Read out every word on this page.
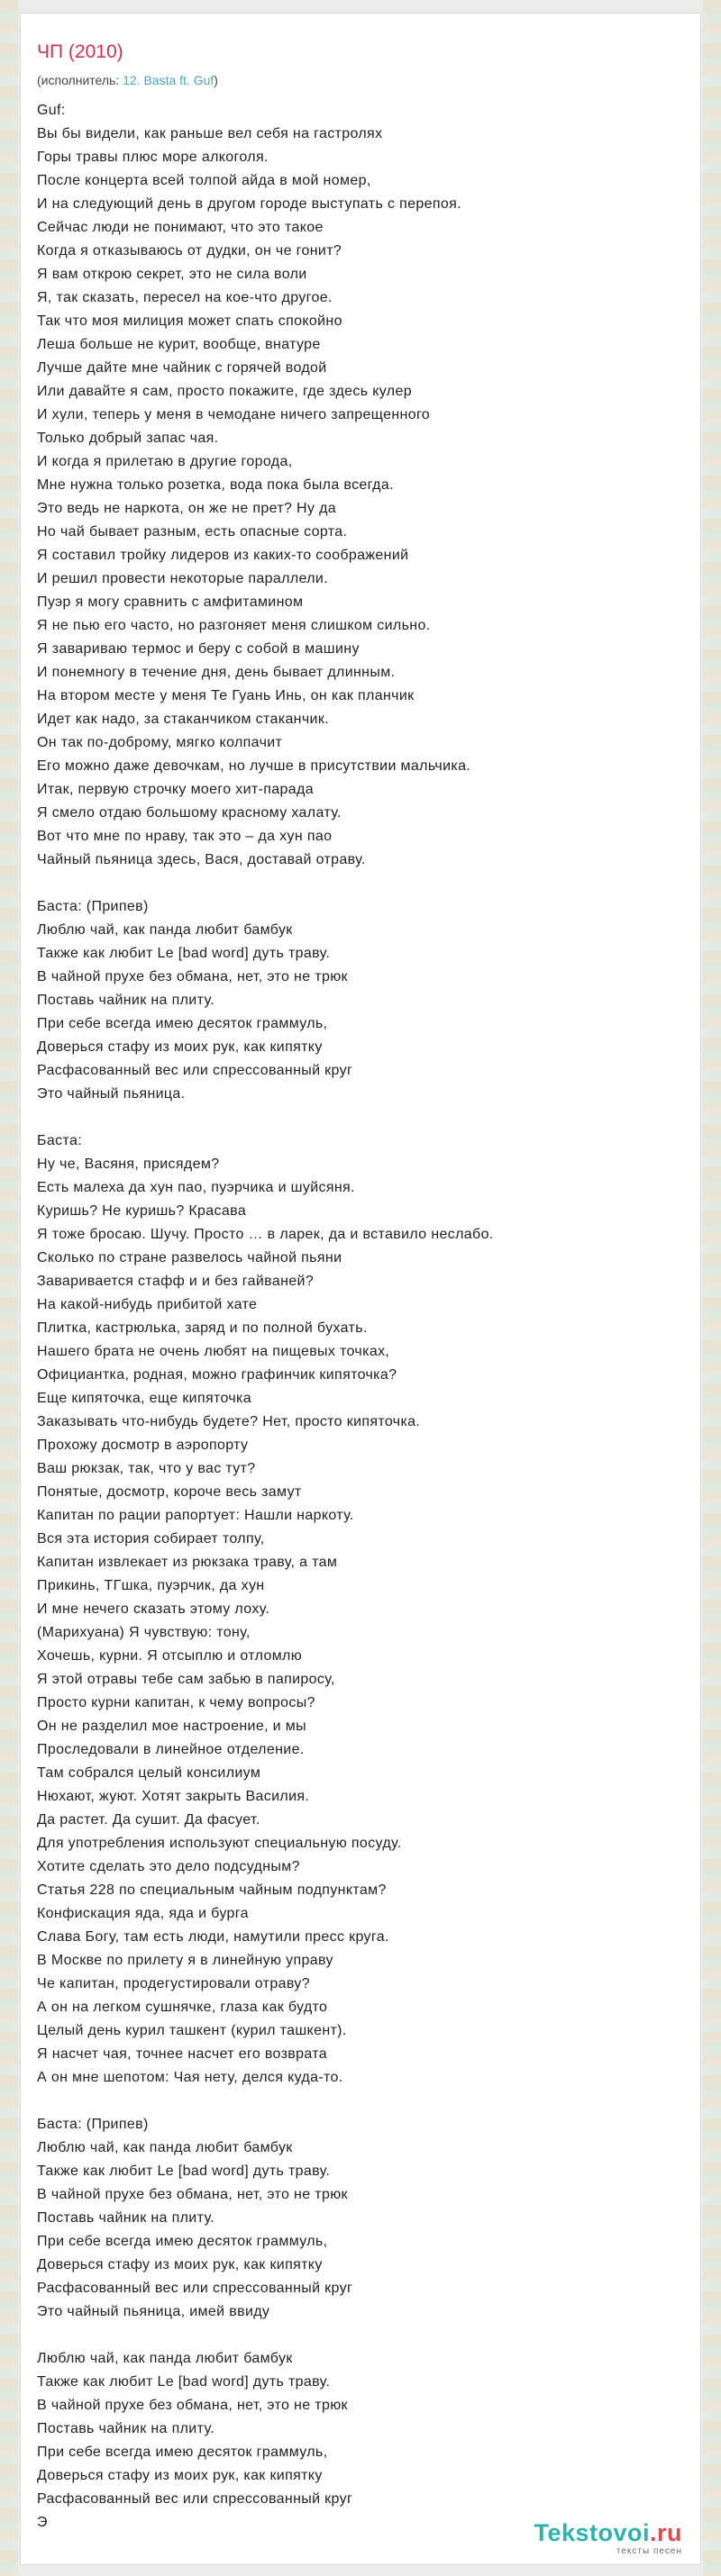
ЧП (2010)
(исполнитель: 12. Basta ft. Guf)
Guf:
Вы бы видели, как раньше вел себя на гастролях
Горы травы плюс море алкоголя.
После концерта всей толпой айда в мой номер,
И на следующий день в другом городе выступать с перепоя.
Сейчас люди не понимают, что это такое
Когда я отказываюсь от дудки, он че гонит?
Я вам открою секрет, это не сила воли
Я, так сказать, пересел на кое-что другое.
Так что моя милиция может спать спокойно
Леша больше не курит, вообще, внатуре
Лучше дайте мне чайник с горячей водой
Или давайте я сам, просто покажите, где здесь кулер
И хули, теперь у меня в чемодане ничего запрещенного
Только добрый запас чая.
И когда я прилетаю в другие города,
Мне нужна только розетка, вода пока была всегда.
Это ведь не наркота, он же не прет? Ну да
Но чай бывает разным, есть опасные сорта.
Я составил тройку лидеров из каких-то соображений
И решил провести некоторые параллели.
Пуэр я могу сравнить с амфитамином
Я не пью его часто, но разгоняет меня слишком сильно.
Я завариваю термос и беру с собой в машину
И понемногу в течение дня, день бывает длинным.
На втором месте у меня Те Гуань Инь, он как планчик
Идет как надо, за стаканчиком стаканчик.
Он так по-доброму, мягко колпачит
Его можно даже девочкам, но лучше в присутствии мальчика.
Итак, первую строчку моего хит-парада
Я смело отдаю большому красному халату.
Вот что мне по нраву, так это – да хун пао
Чайный пьяница здесь, Вася, доставай отраву.
Баста: (Припев)
Люблю чай, как панда любит бамбук
Также как любит Le [bad word] дуть траву.
В чайной прухе без обмана, нет, это не трюк
Поставь чайник на плиту.
При себе всегда имею десяток граммуль,
Доверься стафу из моих рук, как кипятку
Расфасованный вес или спрессованный круг
Это чайный пьяница.
Баста:
Ну че, Васяня, присядем?
Есть малеха да хун пао, пуэрчика и шуйсяня.
Куришь? Не куришь? Красава
Я тоже бросаю. Шучу. Просто … в ларек, да и вставило неслабо.
Сколько по стране развелось чайной пьяни
Заваривается стафф и и без гайваней?
На какой-нибудь прибитой хате
Плитка, кастрюлька, заряд и по полной бухать.
Нашего брата не очень любят на пищевых точках,
Официантка, родная, можно графинчик кипяточка?
Еще кипяточка, еще кипяточка
Заказывать что-нибудь будете? Нет, просто кипяточка.
Прохожу досмотр в аэропорту
Ваш рюкзак, так, что у вас тут?
Понятые, досмотр, короче весь замут
Капитан по рации рапортует: Нашли наркоту.
Вся эта история собирает толпу,
Капитан извлекает из рюкзака траву, а там
Прикинь, ТГшка, пуэрчик, да хун
И мне нечего сказать этому лоху.
(Марихуана) Я чувствую: тону,
Хочешь, курни. Я отсыплю и отломлю
Я этой отравы тебе сам забью в папиросу,
Просто курни капитан, к чему вопросы?
Он не разделил мое настроение, и мы
Проследовали в линейное отделение.
Там собрался целый консилиум
Нюхают, жуют. Хотят закрыть Василия.
Да растет. Да сушит. Да фасует.
Для употребления используют специальную посуду.
Хотите сделать это дело подсудным?
Статья 228 по специальным чайным подпунктам?
Конфискация яда, яда и бурга
Слава Богу, там есть люди, намутили пресс круга.
В Москве по прилету я в линейную управу
Че капитан, продегустировали отраву?
А он на легком сушнячке, глаза как будто
Целый день курил ташкент (курил ташкент).
Я насчет чая, точнее насчет его возврата
А он мне шепотом: Чая нету, делся куда-то.
Баста: (Припев)
Люблю чай, как панда любит бамбук
Также как любит Le [bad word] дуть траву.
В чайной прухе без обмана, нет, это не трюк
Поставь чайник на плиту.
При себе всегда имею десяток граммуль,
Доверься стафу из моих рук, как кипятку
Расфасованный вес или спрессованный круг
Это чайный пьяница, имей ввиду
Люблю чай, как панда любит бамбук
Также как любит Le [bad word] дуть траву.
В чайной прухе без обмана, нет, это не трюк
Поставь чайник на плиту.
При себе всегда имею десяток граммуль,
Доверься стафу из моих рук, как кипятку
Расфасованный вес или спрессованный круг
Э	Tekstovoi.ru
тексты песен
